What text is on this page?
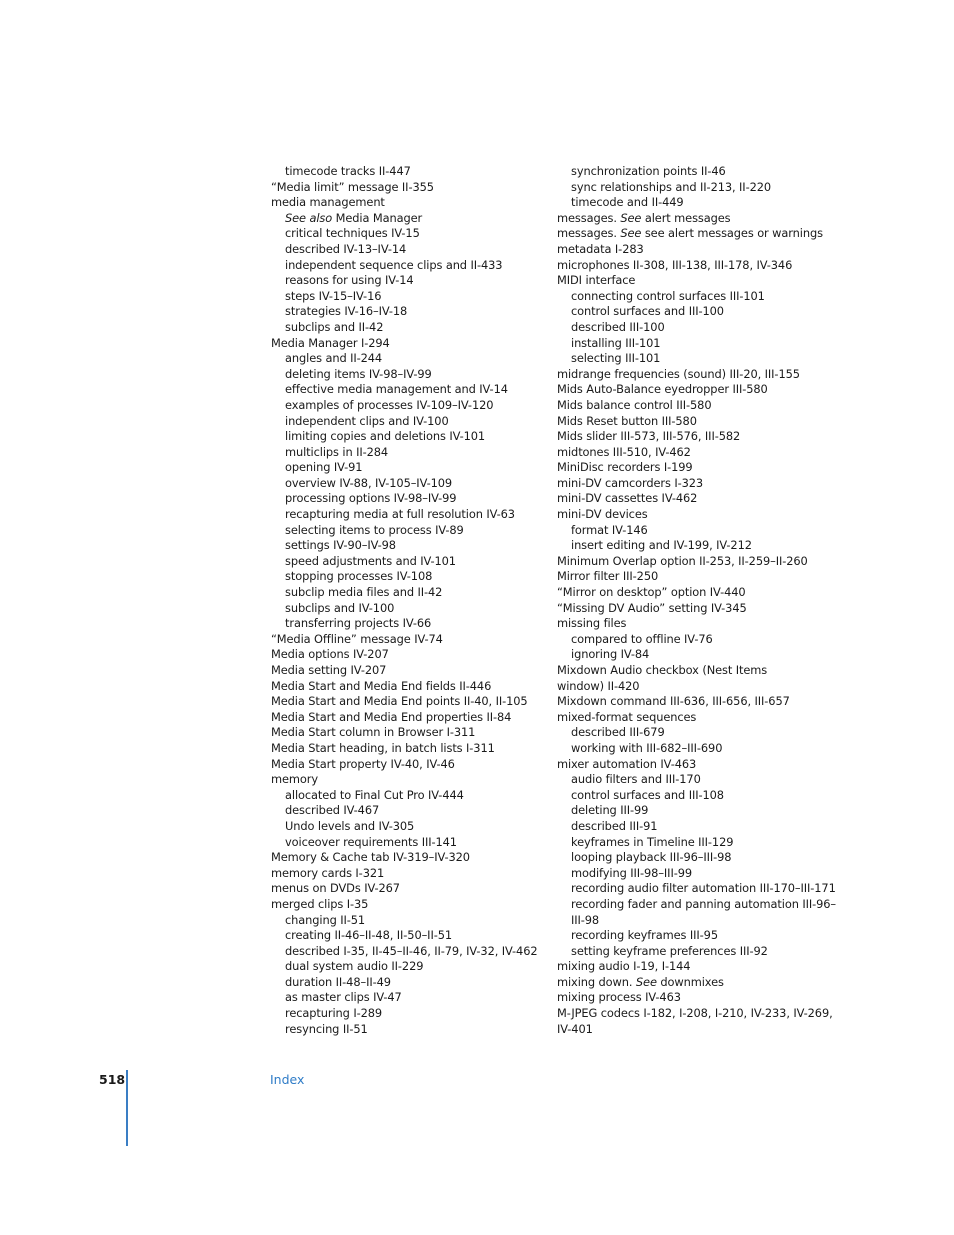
timecode tracks II-447
“Media limit” message II-355
media management
See also Media Manager
critical techniques IV-15
described IV-13–IV-14
independent sequence clips and II-433
reasons for using IV-14
steps IV-15–IV-16
strategies IV-16–IV-18
subclips and II-42
Media Manager I-294
angles and II-244
deleting items IV-98–IV-99
effective media management and IV-14
examples of processes IV-109–IV-120
independent clips and IV-100
limiting copies and deletions IV-101
multiclips in II-284
opening IV-91
overview IV-88, IV-105–IV-109
processing options IV-98–IV-99
recapturing media at full resolution IV-63
selecting items to process IV-89
settings IV-90–IV-98
speed adjustments and IV-101
stopping processes IV-108
subclip media files and II-42
subclips and IV-100
transferring projects IV-66
“Media Offline” message IV-74
Media options IV-207
Media setting IV-207
Media Start and Media End fields II-446
Media Start and Media End points II-40, II-105
Media Start and Media End properties II-84
Media Start column in Browser I-311
Media Start heading, in batch lists I-311
Media Start property IV-40, IV-46
memory
allocated to Final Cut Pro IV-444
described IV-467
Undo levels and IV-305
voiceover requirements III-141
Memory & Cache tab IV-319–IV-320
memory cards I-321
menus on DVDs IV-267
merged clips I-35
changing II-51
creating II-46–II-48, II-50–II-51
described I-35, II-45–II-46, II-79, IV-32, IV-462
dual system audio II-229
duration II-48–II-49
as master clips IV-47
recapturing I-289
resyncing II-51
synchronization points II-46
sync relationships and II-213, II-220
timecode and II-449
messages. See alert messages
messages. See see alert messages or warnings
metadata I-283
microphones II-308, III-138, III-178, IV-346
MIDI interface
connecting control surfaces III-101
control surfaces and III-100
described III-100
installing III-101
selecting III-101
midrange frequencies (sound) III-20, III-155
Mids Auto-Balance eyedropper III-580
Mids balance control III-580
Mids Reset button III-580
Mids slider III-573, III-576, III-582
midtones III-510, IV-462
MiniDisc recorders I-199
mini-DV camcorders I-323
mini-DV cassettes IV-462
mini-DV devices
format IV-146
insert editing and IV-199, IV-212
Minimum Overlap option II-253, II-259–II-260
Mirror filter III-250
“Mirror on desktop” option IV-440
“Missing DV Audio” setting IV-345
missing files
compared to offline IV-76
ignoring IV-84
Mixdown Audio checkbox (Nest Items
window) II-420
Mixdown command III-636, III-656, III-657
mixed-format sequences
described III-679
working with III-682–III-690
mixer automation IV-463
audio filters and III-170
control surfaces and III-108
deleting III-99
described III-91
keyframes in Timeline III-129
looping playback III-96–III-98
modifying III-98–III-99
recording audio filter automation III-170–III-171
recording fader and panning automation III-96–
III-98
recording keyframes III-95
setting keyframe preferences III-92
mixing audio I-19, I-144
mixing down. See downmixes
mixing process IV-463
M-JPEG codecs I-182, I-208, I-210, IV-233, IV-269,
IV-401
518	Index
